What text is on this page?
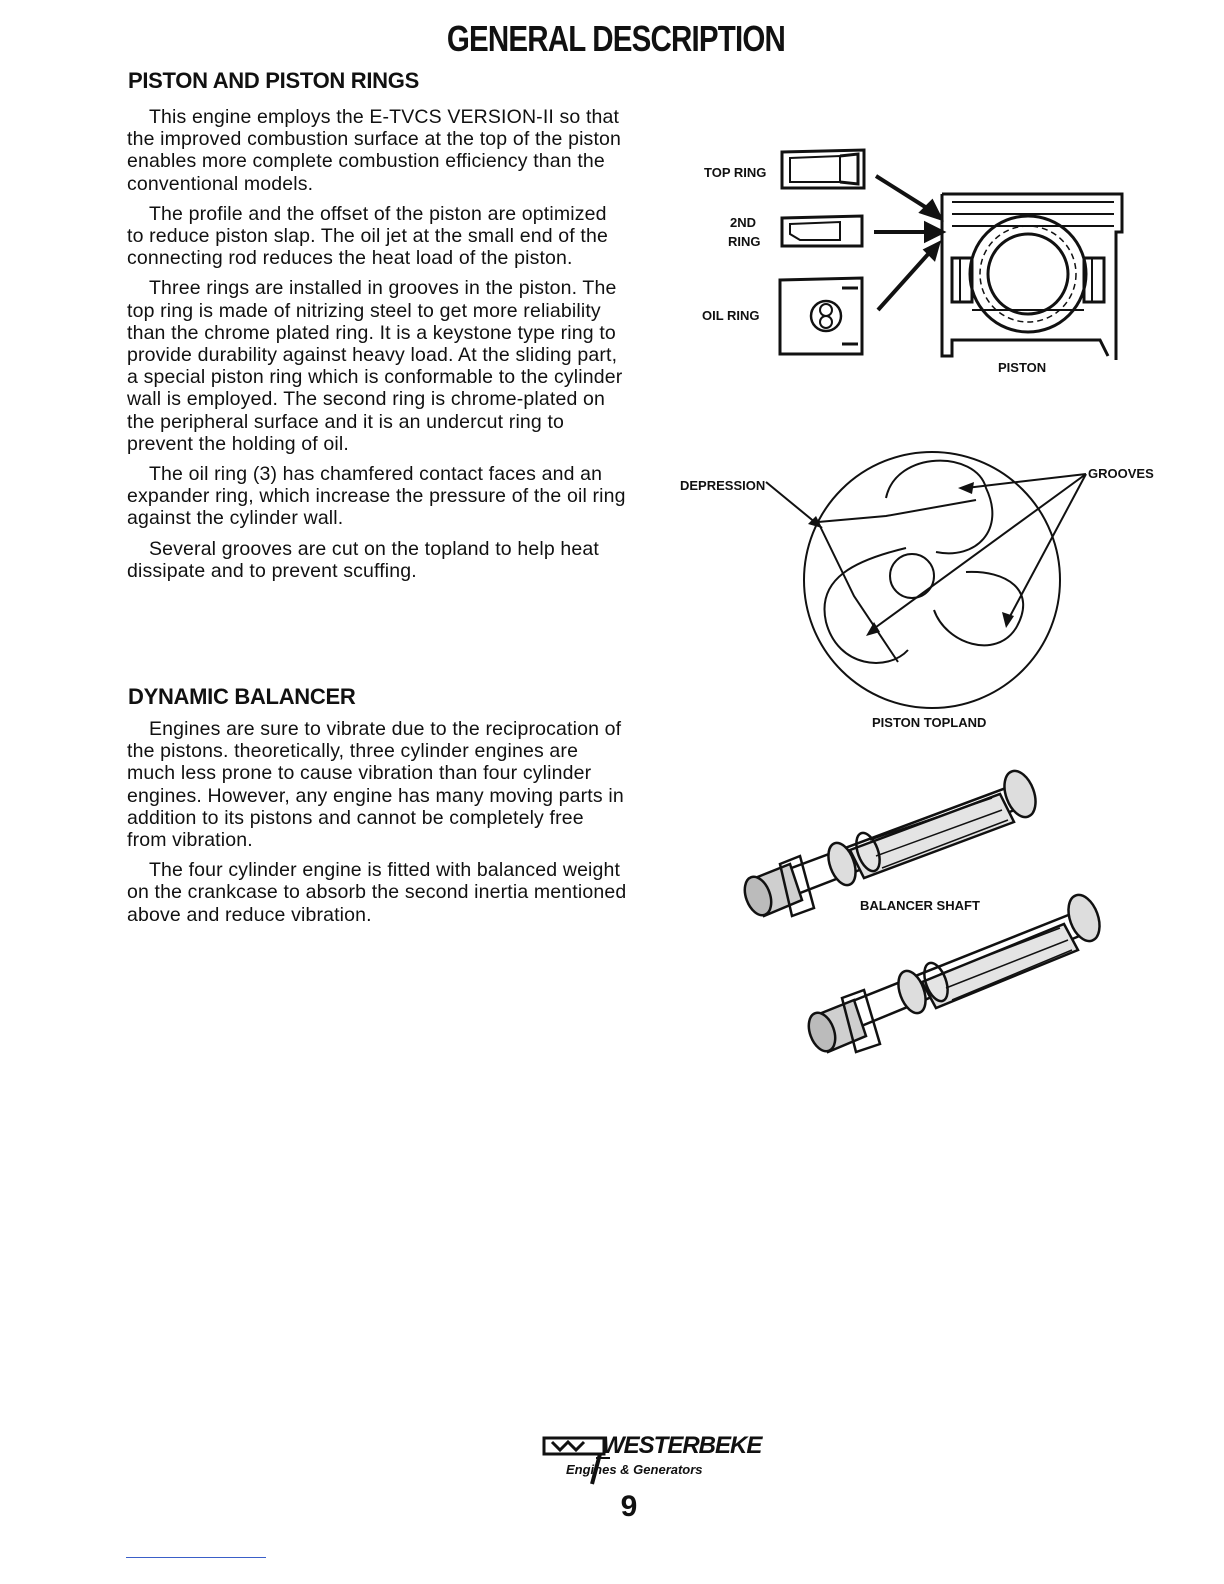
GENERAL DESCRIPTION
PISTON AND PISTON RINGS

This engine employs the E-TVCS VERSION-II so that the improved combustion surface at the top of the piston enables more complete combustion efficiency than the conventional models.

The profile and the offset of the piston are optimized to reduce piston slap. The oil jet at the small end of the connecting rod reduces the heat load of the piston.

Three rings are installed in grooves in the piston. The top ring is made of nitrizing steel to get more reliability than the chrome plated ring. It is a keystone type ring to provide durability against heavy load. At the sliding part, a special piston ring which is conformable to the cylinder wall is employed. The second ring is chrome-plated on the peripheral surface and it is an undercut ring to prevent the holding of oil.

The oil ring (3) has chamfered contact faces and an expander ring, which increase the pressure of the oil ring against the cylinder wall.

Several grooves are cut on the topland to help heat dissipate and to prevent scuffing.

DYNAMIC BALANCER

Engines are sure to vibrate due to the reciprocation of the pistons. theoretically, three cylinder engines are much less prone to cause vibration than four cylinder engines. However, any engine has many moving parts in addition to its pistons and cannot be completely free from vibration.

The four cylinder engine is fitted with balanced weight on the crankcase to absorb the second inertia mentioned above and reduce vibration.

TOP RING
2ND
RING
OIL RING
PISTON
DEPRESSION
GROOVES
PISTON TOPLAND
BALANCER SHAFT
WESTERBEKE
Engines & Generators
9
